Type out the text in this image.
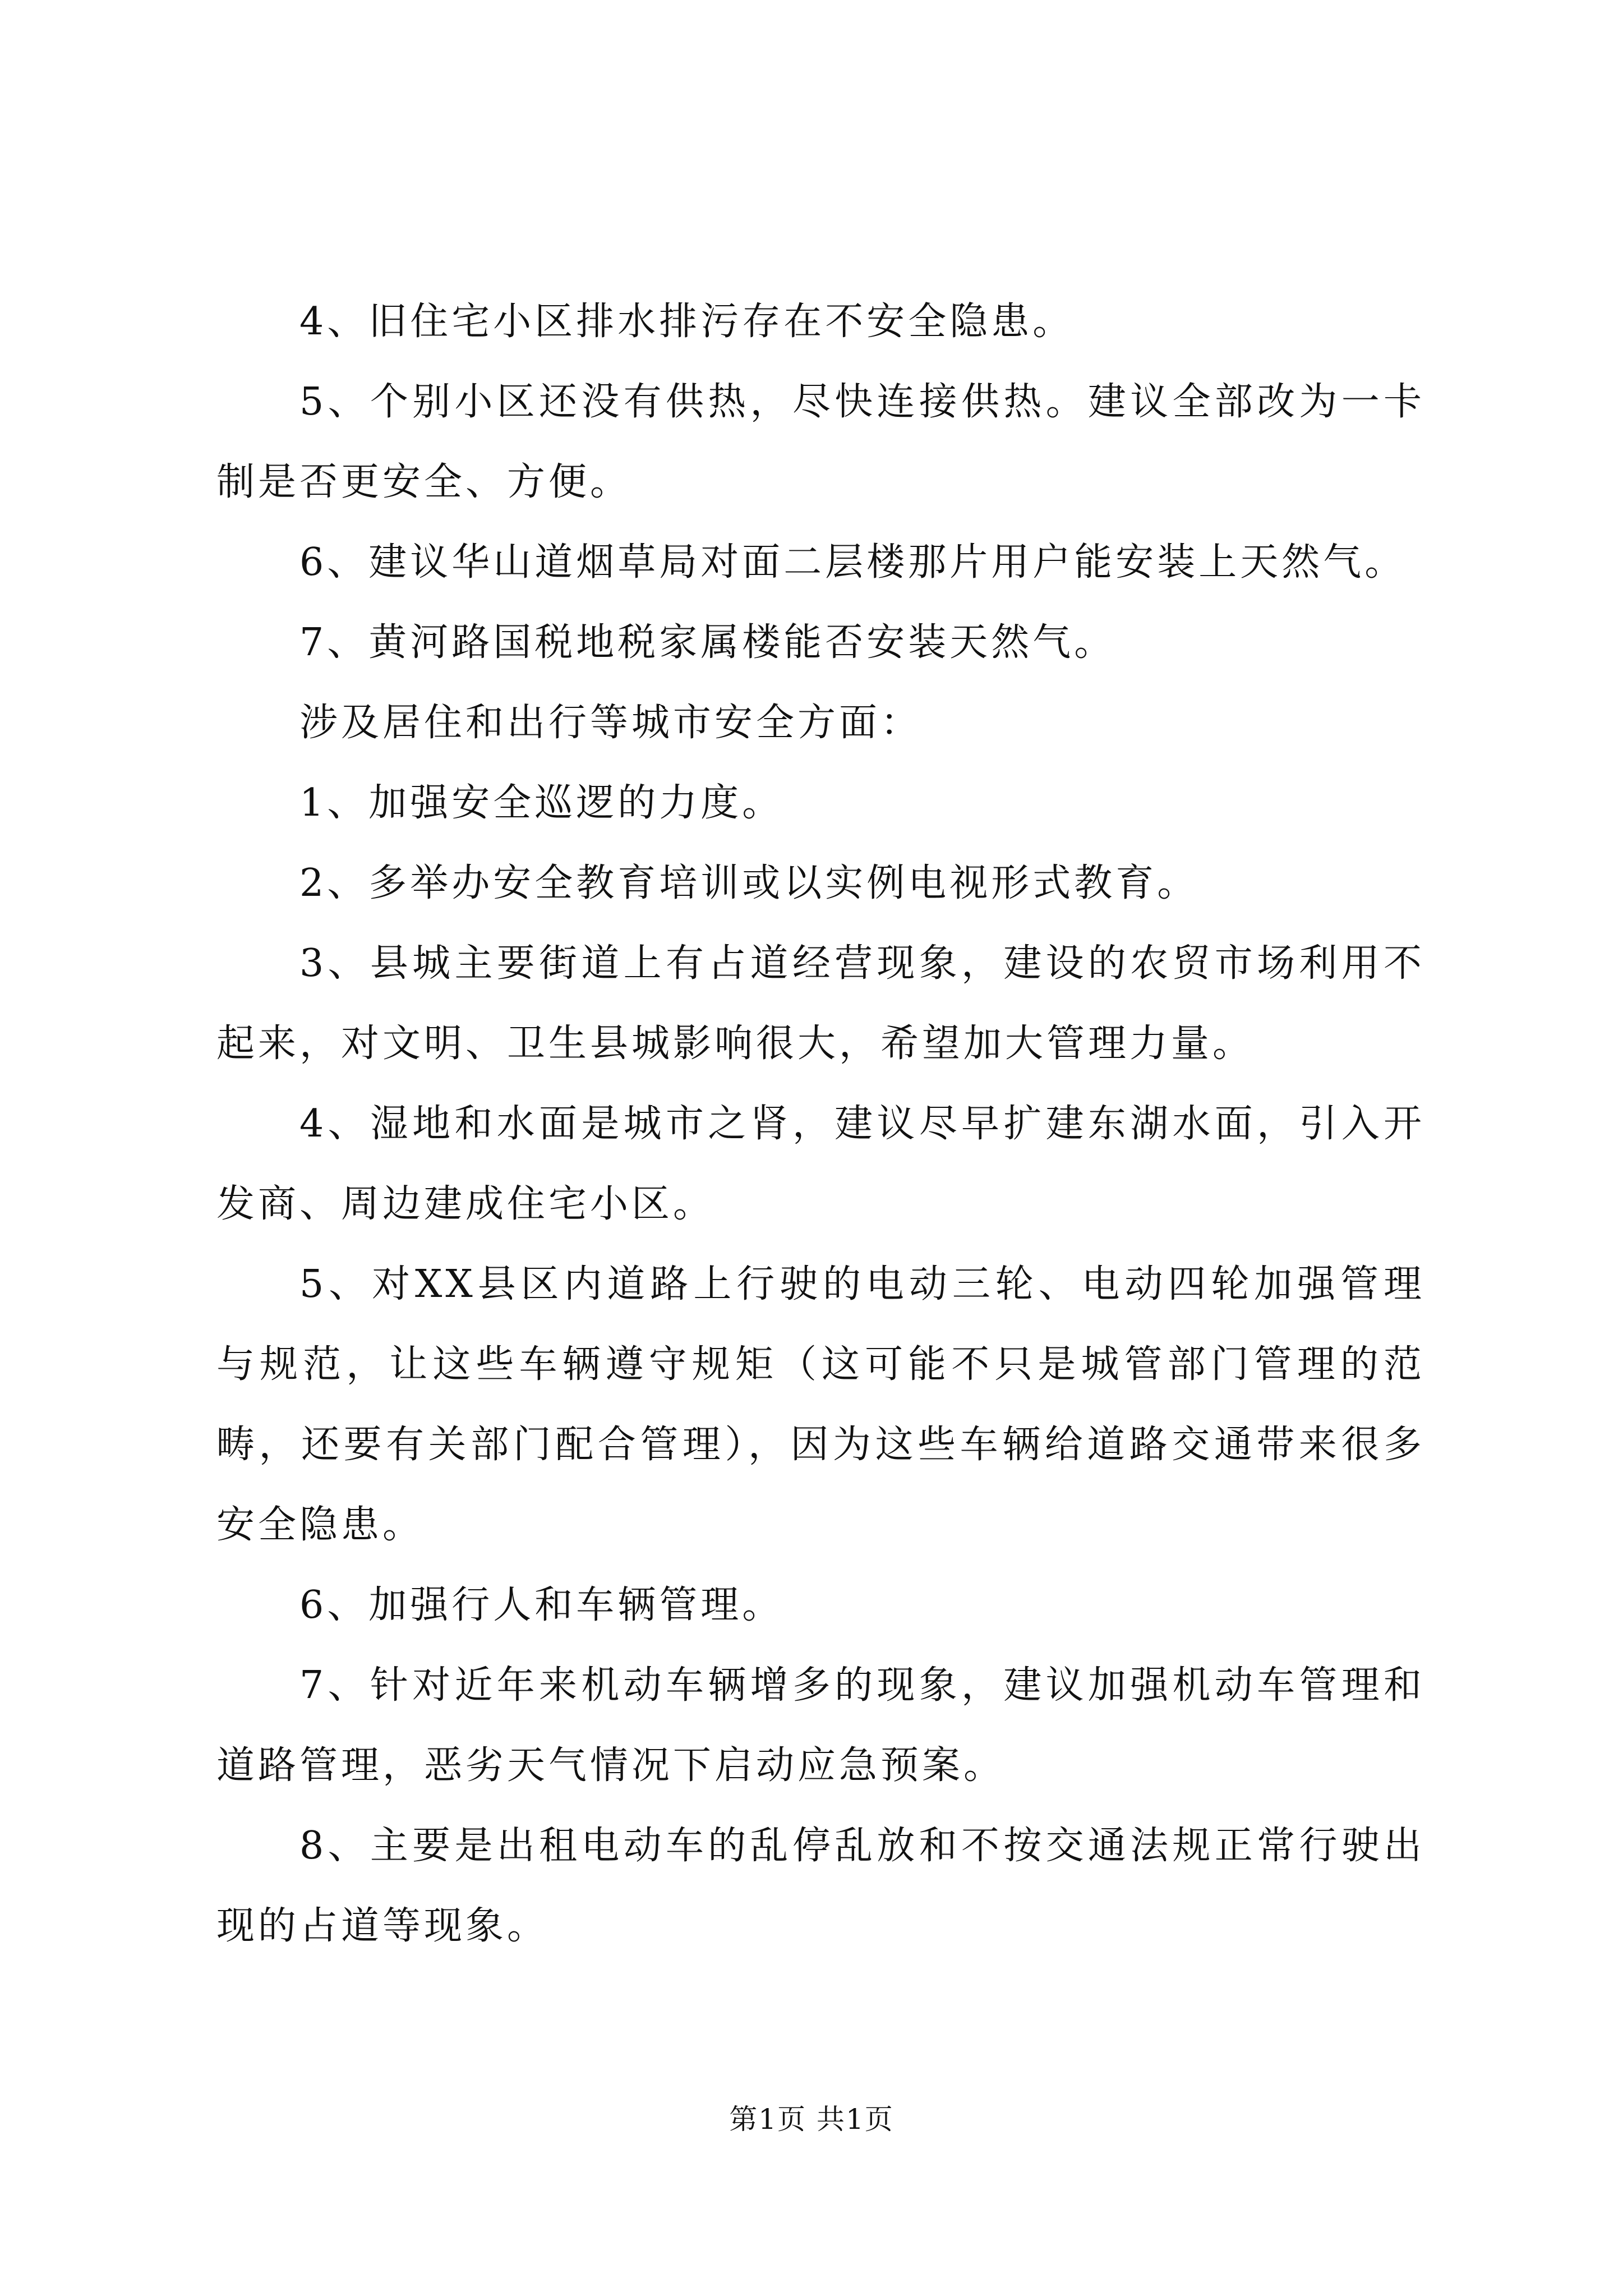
4、旧住宅小区排水排污存在不安全隐患。

5、个别小区还没有供热，尽快连接供热。建议全部改为一卡制是否更安全、方便。

6、建议华山道烟草局对面二层楼那片用户能安装上天然气。

7、黄河路国税地税家属楼能否安装天然气。

涉及居住和出行等城市安全方面：

1、加强安全巡逻的力度。

2、多举办安全教育培训或以实例电视形式教育。

3、县城主要街道上有占道经营现象，建设的农贸市场利用不起来，对文明、卫生县城影响很大，希望加大管理力量。

4、湿地和水面是城市之肾，建议尽早扩建东湖水面，引入开发商、周边建成住宅小区。

5、对XX县区内道路上行驶的电动三轮、电动四轮加强管理与规范，让这些车辆遵守规矩（这可能不只是城管部门管理的范畴，还要有关部门配合管理），因为这些车辆给道路交通带来很多安全隐患。

6、加强行人和车辆管理。

7、针对近年来机动车辆增多的现象，建议加强机动车管理和道路管理，恶劣天气情况下启动应急预案。

8、主要是出租电动车的乱停乱放和不按交通法规正常行驶出现的占道等现象。

第1页 共1页
